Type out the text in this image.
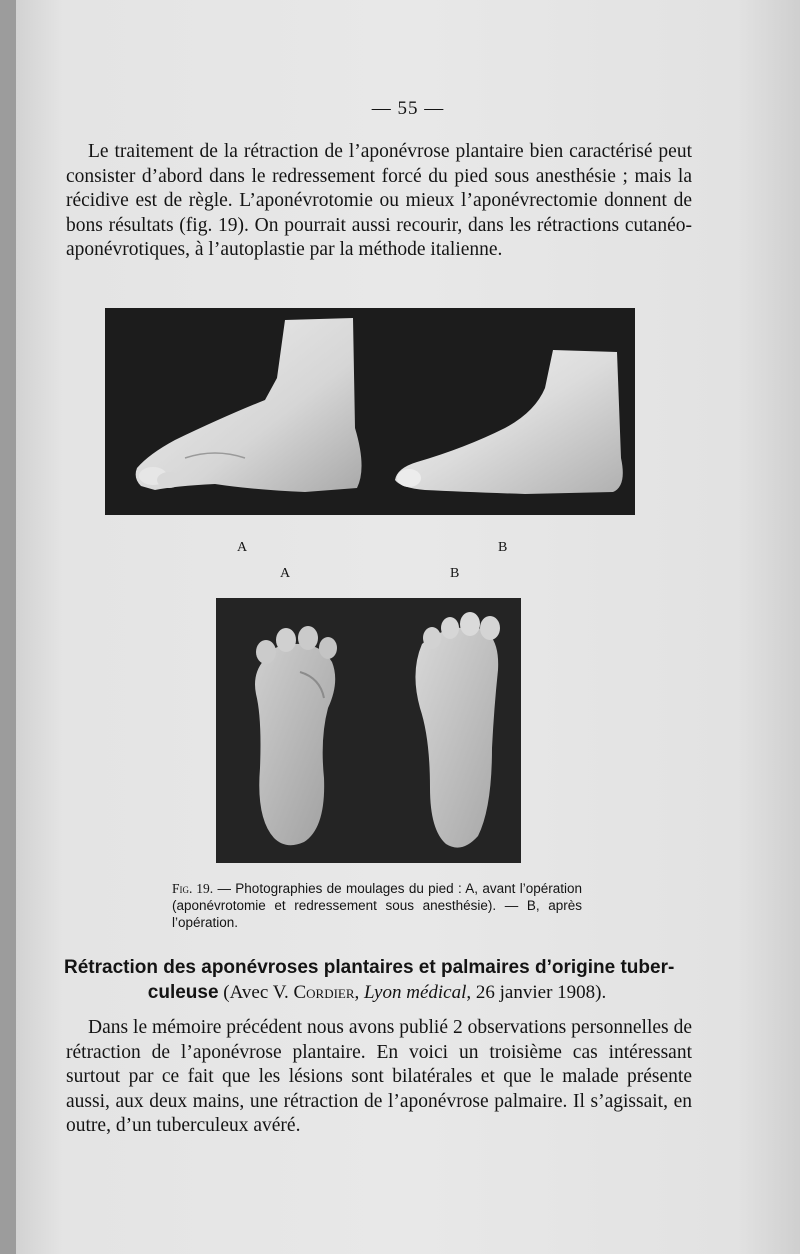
— 55 —

Le traitement de la rétraction de l’aponévrose plantaire bien caractérisé peut consister d’abord dans le redressement forcé du pied sous anesthésie ; mais la récidive est de règle. L’aponévrotomie ou mieux l’aponévrectomie donnent de bons résultats (fig. 19). On pourrait aussi recourir, dans les rétractions cutanéo-aponévrotiques, à l’autoplastie par la méthode italienne.

A	B
A	B

Fig. 19. — Photographies de moulages du pied : A, avant l’opération (aponévrotomie et redressement sous anesthésie). — B, après l’opération.

Rétraction des aponévroses plantaires et palmaires d’origine tuber-
culeuse (Avec V. Cordier, Lyon médical, 26 janvier 1908).

Dans le mémoire précédent nous avons publié 2 observations personnelles de rétraction de l’aponévrose plantaire. En voici un troisième cas intéressant surtout par ce fait que les lésions sont bilatérales et que le malade présente aussi, aux deux mains, une rétraction de l’aponévrose palmaire. Il s’agissait, en outre, d’un tuberculeux avéré.
